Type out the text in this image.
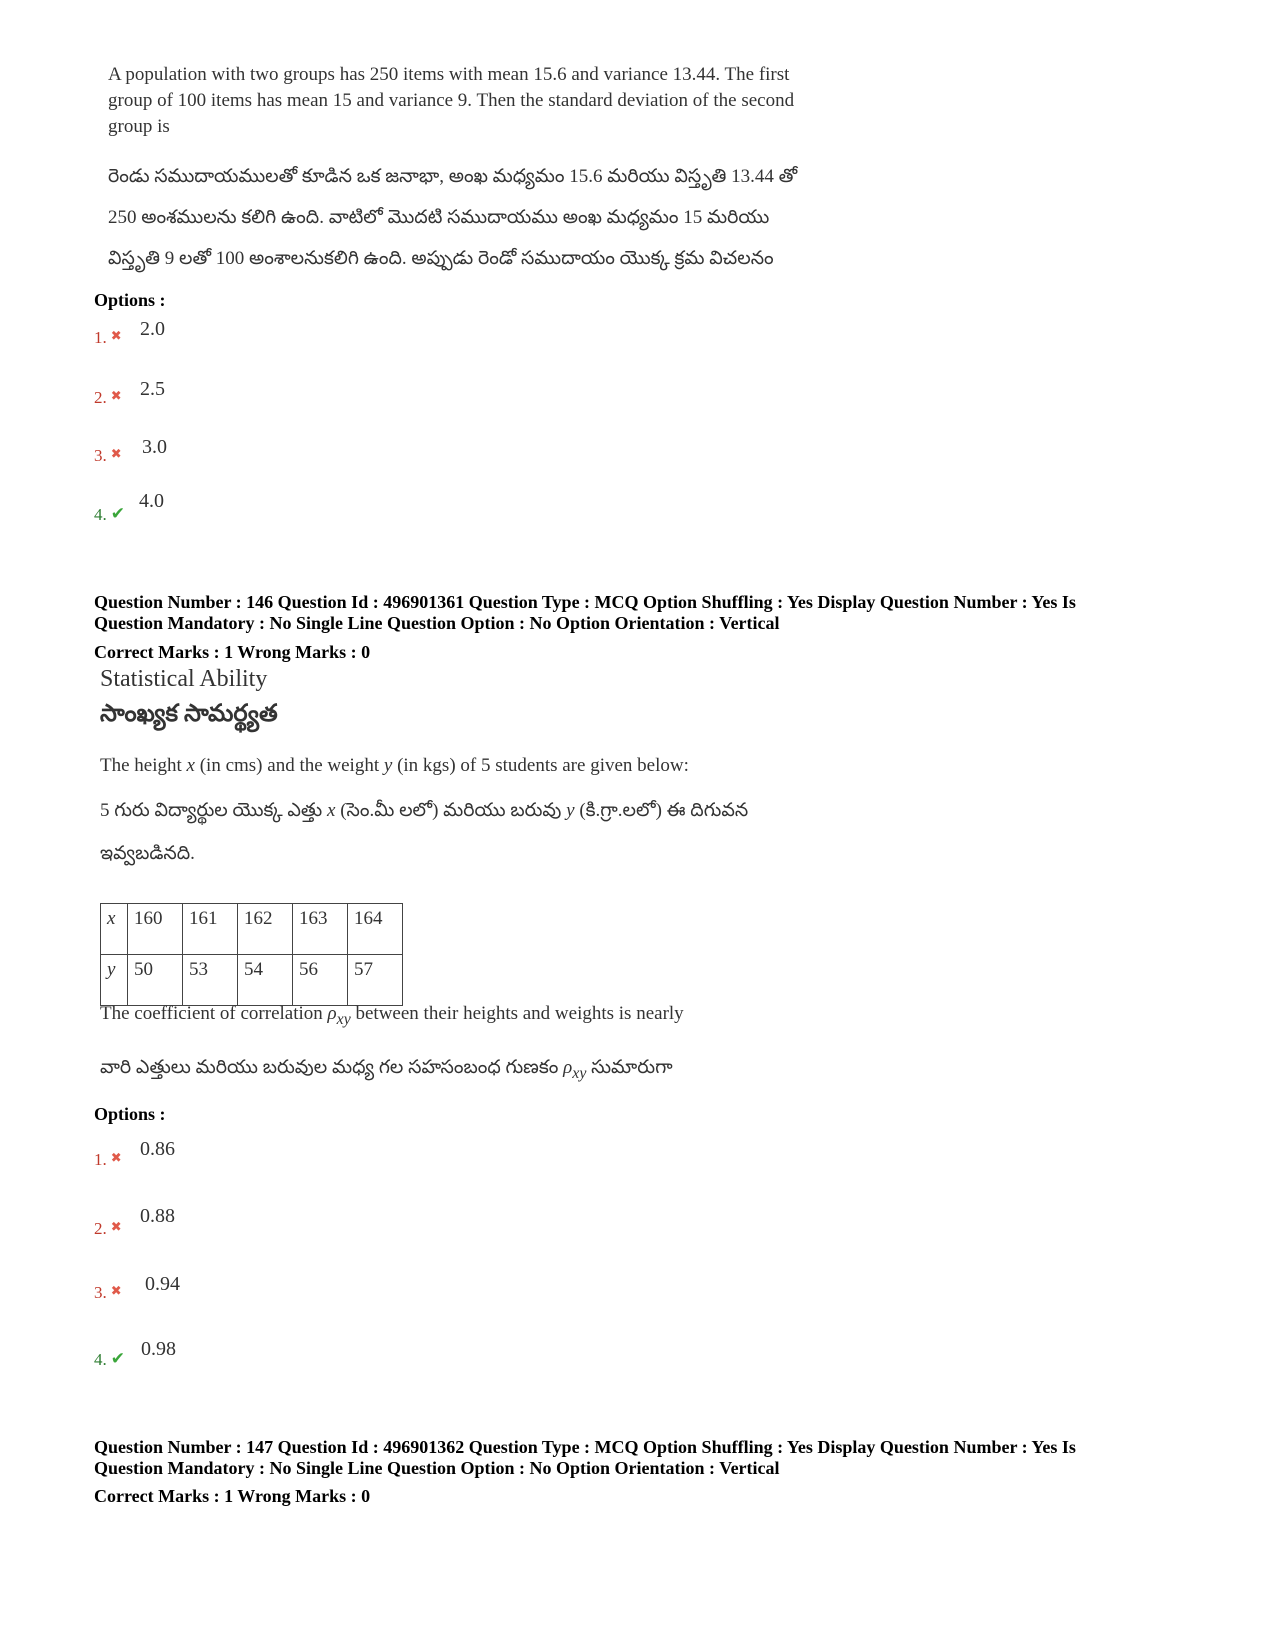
A population with two groups has 250 items with mean 15.6 and variance 13.44. The first
group of 100 items has mean 15 and variance 9. Then the standard deviation of the second
group is
రెండు సముదాయములతో కూడిన ఒక జనాభా, అంఖ మధ్యమం 15.6 మరియు విస్తృతి 13.44 తో
250 అంశములను కలిగి ఉంది. వాటిలో మొదటి సముదాయము అంఖ మధ్యమం 15 మరియు
విస్తృతి 9 లతో 100 అంశాలనుకలిగి ఉంది. అప్పుడు రెండో సముదాయం యొక్క క్రమ విచలనం
Options :
1. ✖ 2.0
2. ✖ 2.5
3. ✖ 3.0
4. ✔
4.0
Question Number : 146 Question Id : 496901361 Question Type : MCQ Option Shuffling : Yes Display Question Number : Yes Is
Question Mandatory : No Single Line Question Option : No Option Orientation : Vertical
Correct Marks : 1 Wrong Marks : 0
Statistical Ability
సాంఖ్యక సామర్థ్యత
The height x (in cms) and the weight y (in kgs) of 5 students are given below:
5 గురు విద్యార్థుల యొక్క ఎత్తు x (సెం.మీ లలో) మరియు బరువు y (కి.గ్రా.లలో) ఈ దిగువన
ఇవ్వబడినది.
x	160	161	162	163	164
y	50	53	54	56	57
The coefficient of correlation $\rho_{xy}$ between their heights and weights is nearly
వారి ఎత్తులు మరియు బరువుల మధ్య గల సహసంబంధ గుణకం $\rho_{xy}$ సుమారుగా
Options :
1. ✖ 0.86
2. ✖ 0.88
3. ✖ 0.94
4. ✔ 0.98
Question Number : 147 Question Id : 496901362 Question Type : MCQ Option Shuffling : Yes Display Question Number : Yes Is
Question Mandatory : No Single Line Question Option : No Option Orientation : Vertical
Correct Marks : 1 Wrong Marks : 0
